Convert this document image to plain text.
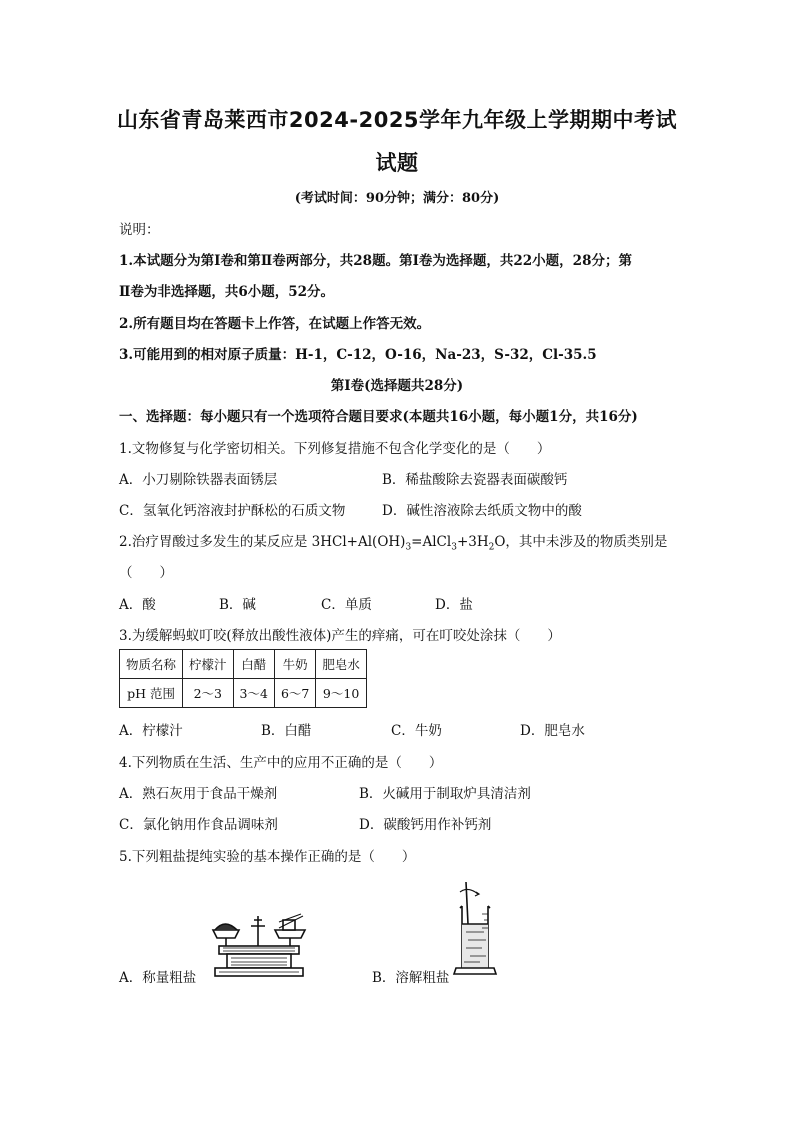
山东省青岛莱西市2024-2025学年九年级上学期期中考试
试题
(考试时间：90分钟；满分：80分)
说明：
1.本试题分为第Ⅰ卷和第Ⅱ卷两部分，共28题。第Ⅰ卷为选择题，共22小题，28分；第
Ⅱ卷为非选择题，共6小题，52分。
2.所有题目均在答题卡上作答，在试题上作答无效。
3.可能用到的相对原子质量：H-1，C-12，O-16，Na-23，S-32，Cl-35.5
第Ⅰ卷(选择题共28分)
一、选择题：每小题只有一个选项符合题目要求(本题共16小题，每小题1分，共16分)
1.文物修复与化学密切相关。下列修复措施不包含化学变化的是（　　）
A．小刀剔除铁器表面锈层	B．稀盐酸除去瓷器表面碳酸钙
C．氢氧化钙溶液封护酥松的石质文物	D．碱性溶液除去纸质文物中的酸
2.治疗胃酸过多发生的某反应是 $3HCl+Al(OH)_3=AlCl_3+3H_2O$，其中未涉及的物质类别是
（　　）
A．酸	B．碱	C．单质	D．盐
3.为缓解蚂蚁叮咬(释放出酸性液体)产生的痒痛，可在叮咬处涂抹（　　）
物质名称	柠檬汁	白醋	牛奶	肥皂水
pH 范围	2～3	3～4	6～7	9～10
A．柠檬汁	B．白醋	C．牛奶	D．肥皂水
4.下列物质在生活、生产中的应用不正确的是（　　）
A．熟石灰用于食品干燥剂	B．火碱用于制取炉具清洁剂
C．氯化钠用作食品调味剂	D．碳酸钙用作补钙剂
5.下列粗盐提纯实验的基本操作正确的是（　　）
A．称量粗盐	B．溶解粗盐
